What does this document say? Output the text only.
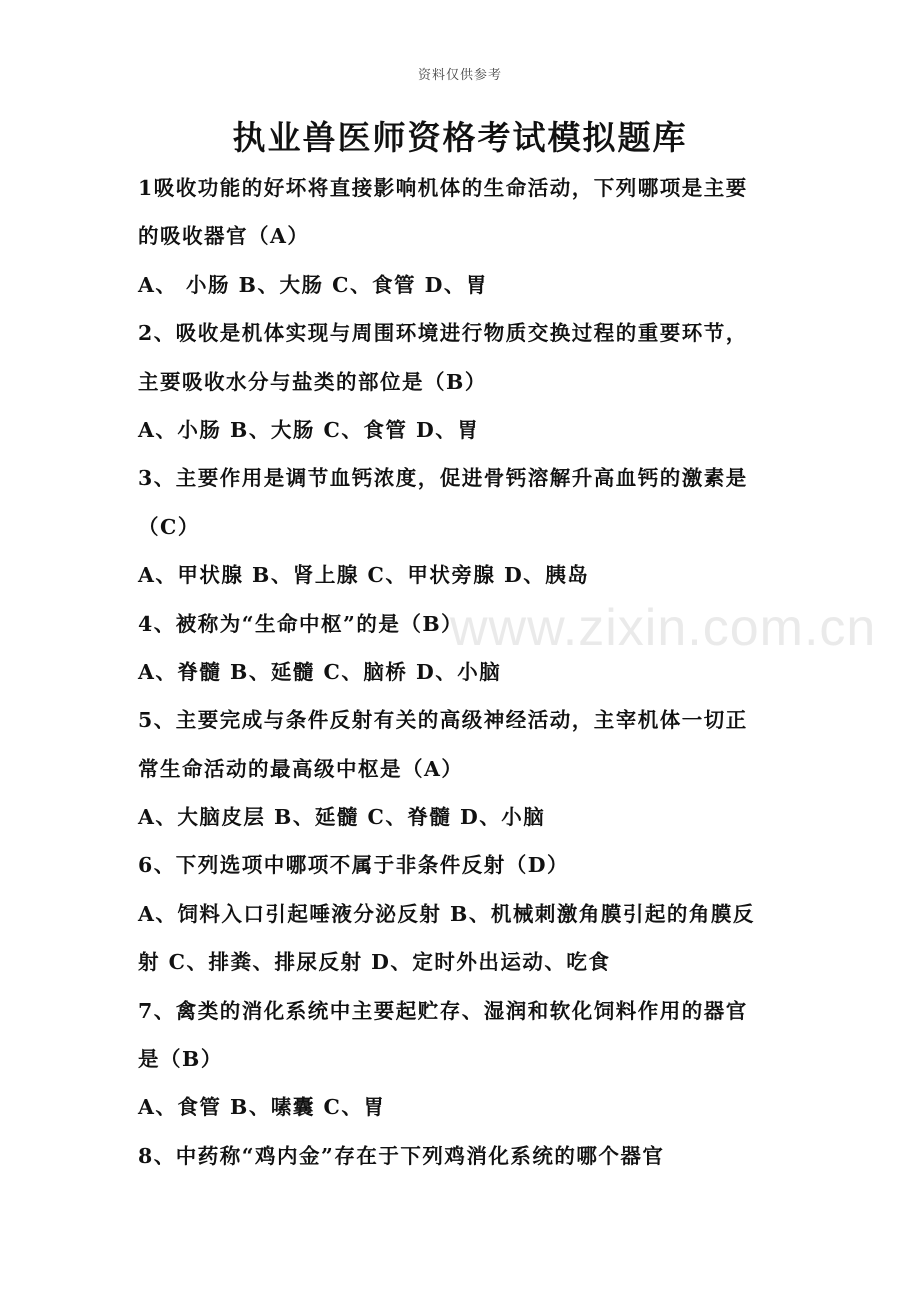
资料仅供参考
执业兽医师资格考试模拟题库
www.zixin.com.cn
1吸收功能的好坏将直接影响机体的生命活动，下列哪项是主要
的吸收器官（A）
A、 小肠 B、大肠 C、食管 D、胃
2、吸收是机体实现与周围环境进行物质交换过程的重要环节，
主要吸收水分与盐类的部位是（B）
A、小肠 B、大肠 C、食管 D、胃
3、主要作用是调节血钙浓度，促进骨钙溶解升高血钙的激素是
（C）
A、甲状腺 B、肾上腺 C、甲状旁腺 D、胰岛
4、被称为“生命中枢”的是（B）
A、脊髓 B、延髓 C、脑桥 D、小脑
5、主要完成与条件反射有关的高级神经活动，主宰机体一切正
常生命活动的最高级中枢是（A）
A、大脑皮层 B、延髓 C、脊髓 D、小脑
6、下列选项中哪项不属于非条件反射（D）
A、饲料入口引起唾液分泌反射 B、机械刺激角膜引起的角膜反
射 C、排粪、排尿反射 D、定时外出运动、吃食
7、禽类的消化系统中主要起贮存、湿润和软化饲料作用的器官
是（B）
A、食管 B、嗉囊 C、胃
8、中药称“鸡内金”存在于下列鸡消化系统的哪个器官
